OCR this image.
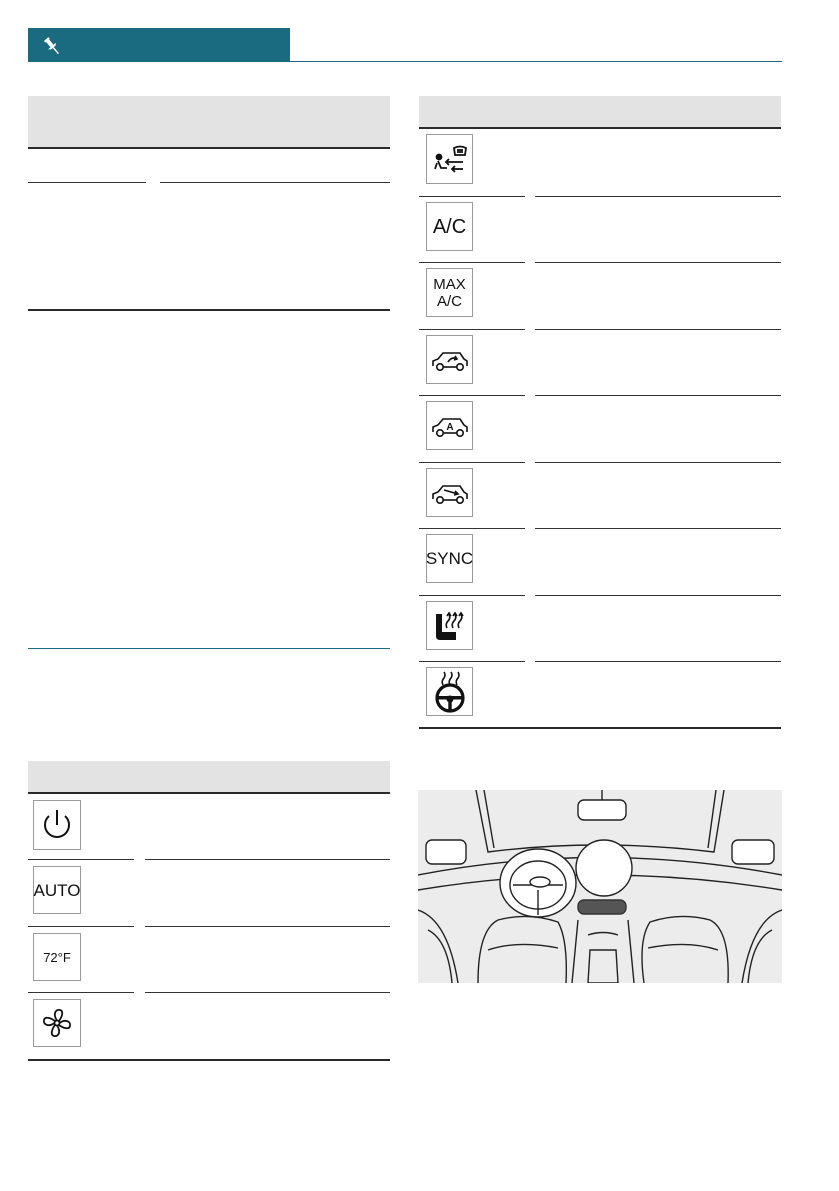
AUTO
72°F
A/C
MAX
A/C
A
SYNC
